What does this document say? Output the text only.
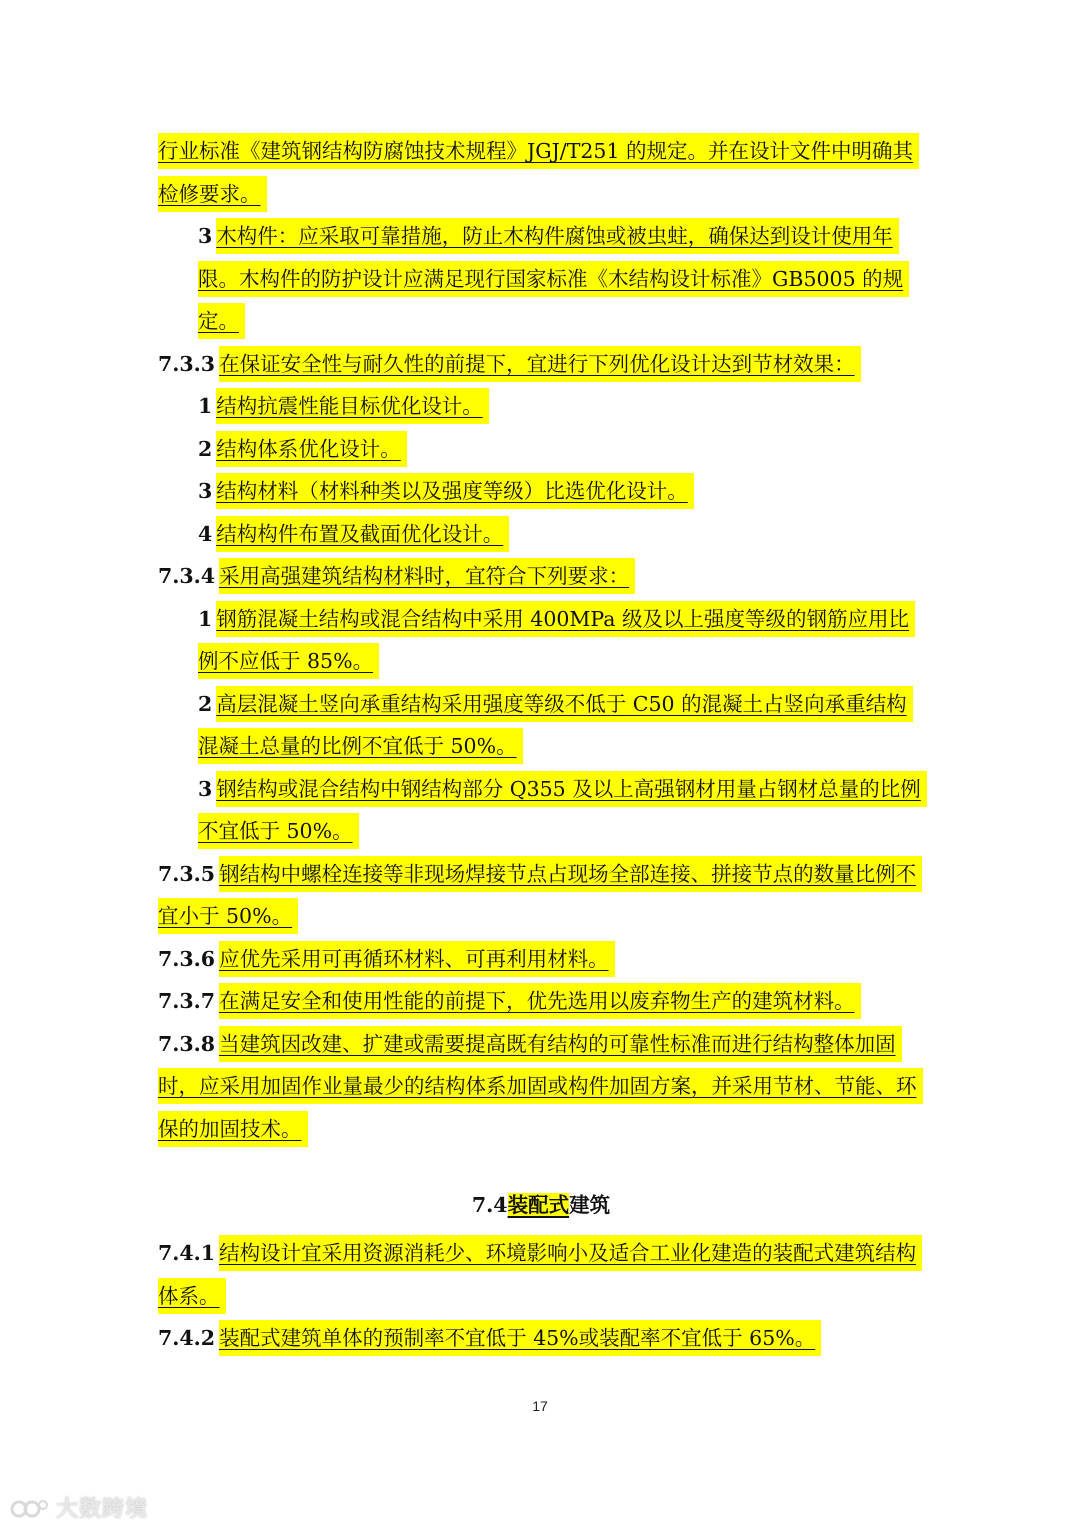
行业标准《建筑钢结构防腐蚀技术规程》JGJ/T251 的规定。并在设计文件中明确其检修要求。

3 木构件：应采取可靠措施，防止木构件腐蚀或被虫蛀，确保达到设计使用年限。木构件的防护设计应满足现行国家标准《木结构设计标准》GB5005 的规定。

7.3.3 在保证安全性与耐久性的前提下，宜进行下列优化设计达到节材效果：

1 结构抗震性能目标优化设计。

2 结构体系优化设计。

3 结构材料（材料种类以及强度等级）比选优化设计。

4 结构构件布置及截面优化设计。

7.3.4 采用高强建筑结构材料时，宜符合下列要求：

1 钢筋混凝土结构或混合结构中采用 400MPa 级及以上强度等级的钢筋应用比例不应低于 85%。

2 高层混凝土竖向承重结构采用强度等级不低于 C50 的混凝土占竖向承重结构混凝土总量的比例不宜低于 50%。

3 钢结构或混合结构中钢结构部分 Q355 及以上高强钢材用量占钢材总量的比例不宜低于 50%。

7.3.5 钢结构中螺栓连接等非现场焊接节点占现场全部连接、拼接节点的数量比例不宜小于 50%。

7.3.6 应优先采用可再循环材料、可再利用材料。

7.3.7 在满足安全和使用性能的前提下，优先选用以废弃物生产的建筑材料。

7.3.8 当建筑因改建、扩建或需要提高既有结构的可靠性标准而进行结构整体加固时，应采用加固作业量最少的结构体系加固或构件加固方案，并采用节材、节能、环保的加固技术。

7.4装配式建筑

7.4.1 结构设计宜采用资源消耗少、环境影响小及适合工业化建造的装配式建筑结构体系。

7.4.2 装配式建筑单体的预制率不宜低于 45%或装配率不宜低于 65%。

17
大数跨境
